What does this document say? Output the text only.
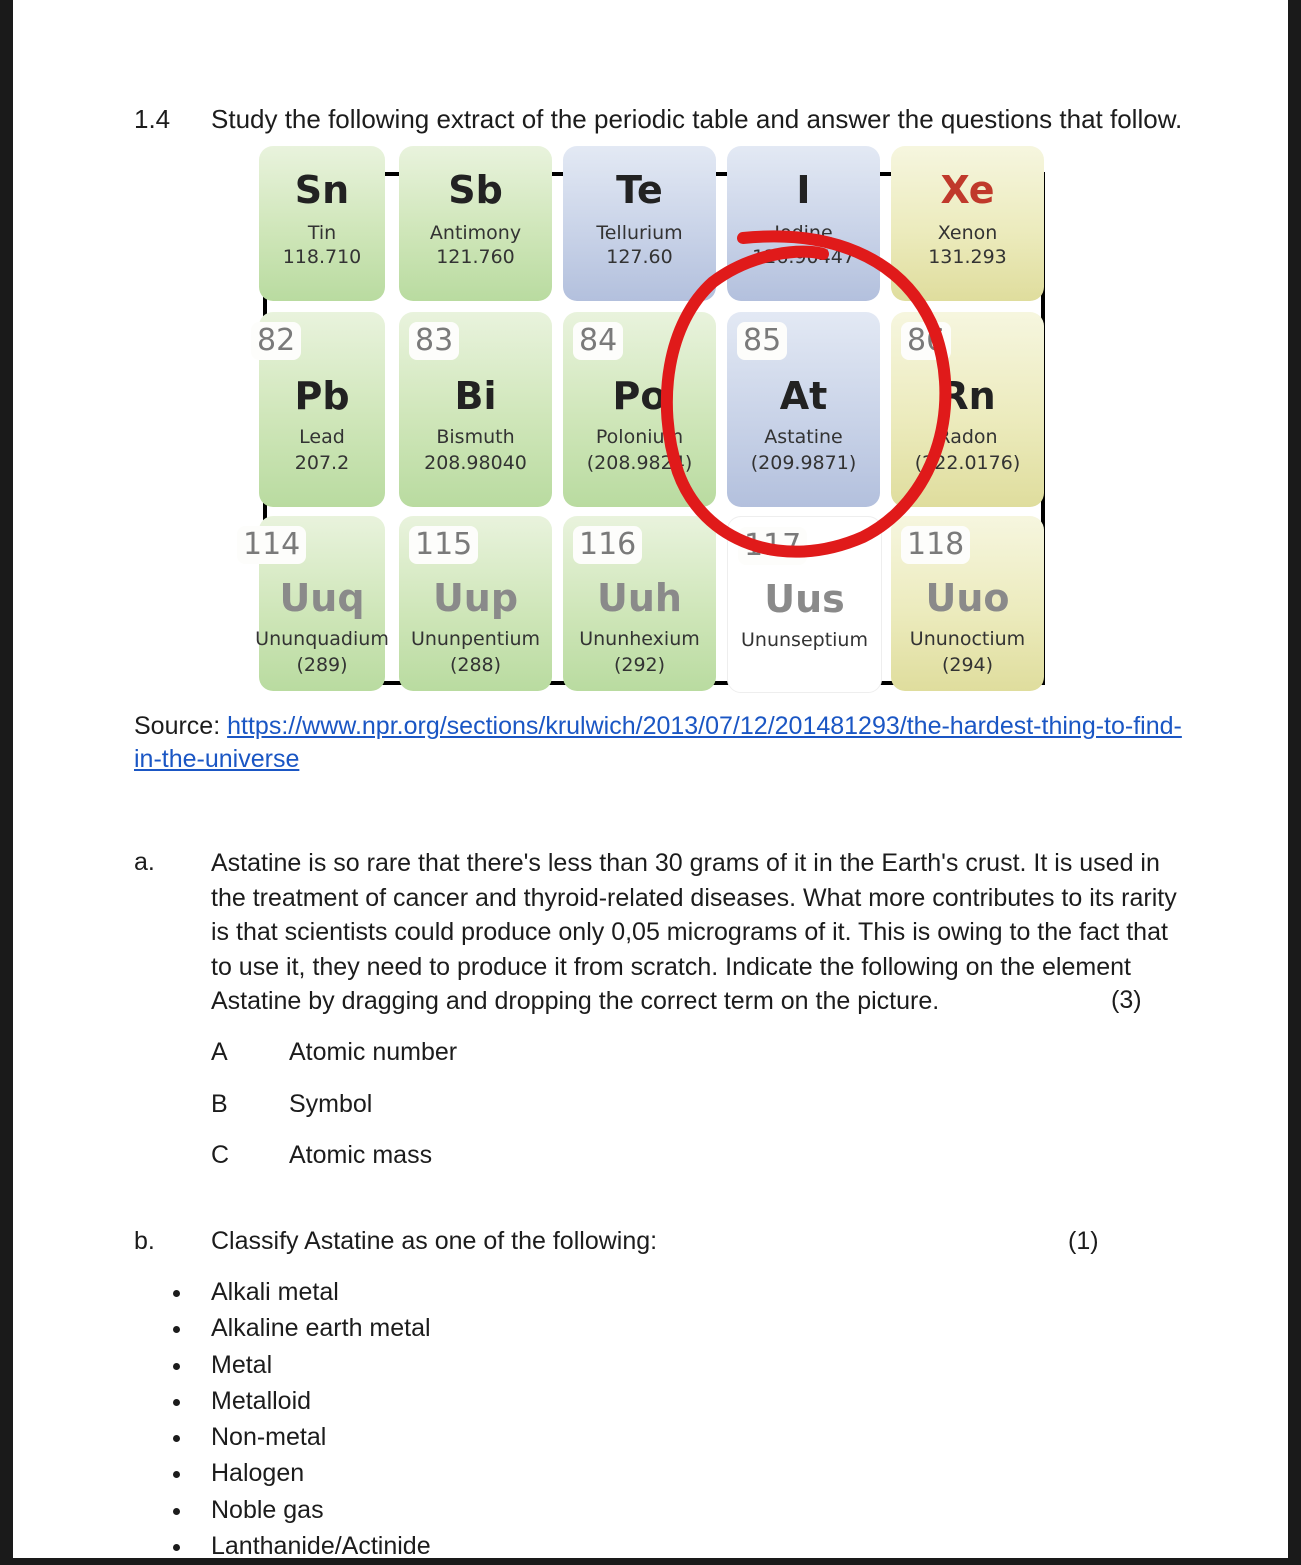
1.4 Study the following extract of the periodic table and answer the questions that follow.
Sn
Tin
118.710
Sb
Antimony
121.760
Te
Tellurium
127.60
I
Iodine
126.90447
Xe
Xenon
131.293
82
Pb
Lead
207.2
83
Bi
Bismuth
208.98040
84
Po
Polonium
(208.9824)
85
At
Astatine
(209.9871)
86
Rn
Radon
(222.0176)
114
Uuq
Ununquadium
(289)
115
Uup
Ununpentium
(288)
116
Uuh
Ununhexium
(292)
117
Uus
Ununseptium
118
Uuo
Ununoctium
(294)
Source: https://www.npr.org/sections/krulwich/2013/07/12/201481293/the-hardest-thing-to-find-in-the-universe
a. Astatine is so rare that there's less than 30 grams of it in the Earth's crust. It is used in the treatment of cancer and thyroid-related diseases. What more contributes to its rarity is that scientists could produce only 0,05 micrograms of it. This is owing to the fact that to use it, they need to produce it from scratch. Indicate the following on the element Astatine by dragging and dropping the correct term on the picture.	(3)
A Atomic number
B Symbol
C Atomic mass
b. Classify Astatine as one of the following:	(1)
Alkali metal
Alkaline earth metal
Metal
Metalloid
Non-metal
Halogen
Noble gas
Lanthanide/Actinide
